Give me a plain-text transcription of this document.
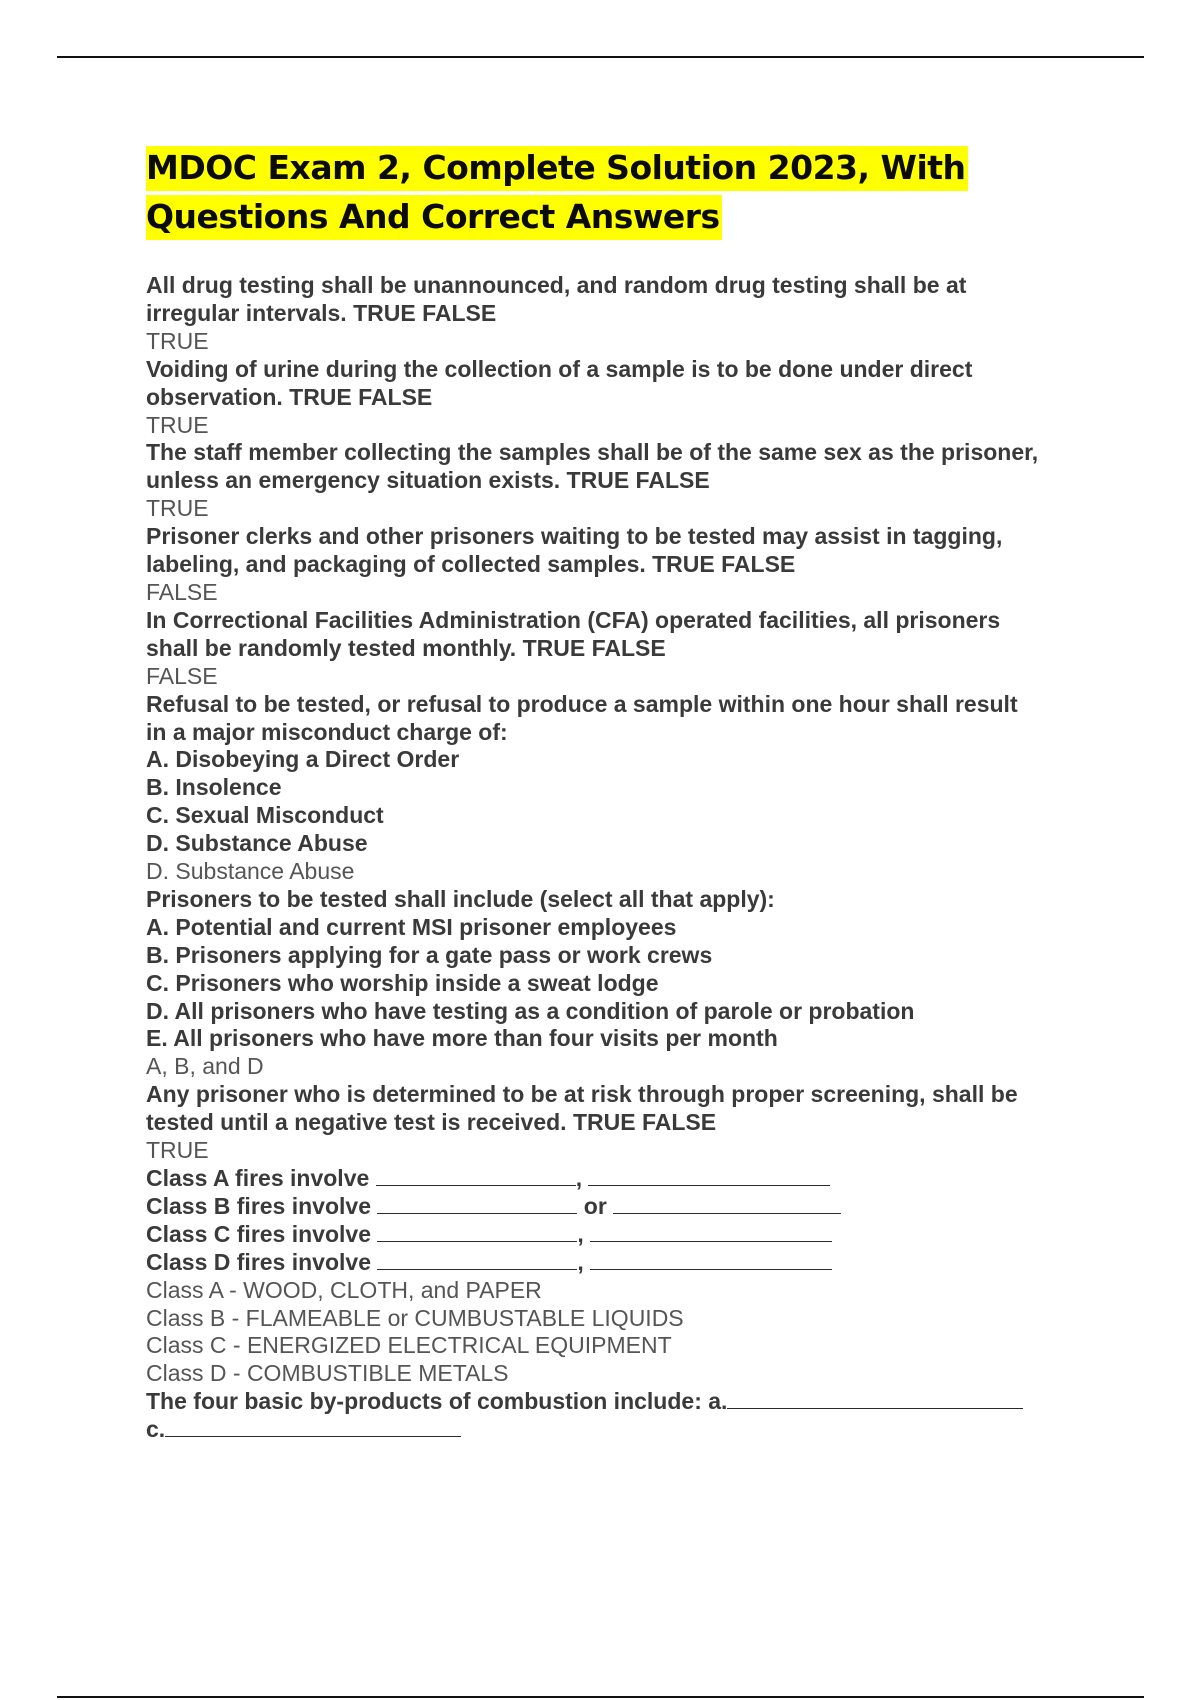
MDOC Exam 2, Complete Solution 2023, With
Questions And Correct Answers
All drug testing shall be unannounced, and random drug testing shall be at
irregular intervals. TRUE FALSE
TRUE
Voiding of urine during the collection of a sample is to be done under direct
observation. TRUE FALSE
TRUE
The staff member collecting the samples shall be of the same sex as the prisoner,
unless an emergency situation exists. TRUE FALSE
TRUE
Prisoner clerks and other prisoners waiting to be tested may assist in tagging,
labeling, and packaging of collected samples. TRUE FALSE
FALSE
In Correctional Facilities Administration (CFA) operated facilities, all prisoners
shall be randomly tested monthly. TRUE FALSE
FALSE
Refusal to be tested, or refusal to produce a sample within one hour shall result
in a major misconduct charge of:
A. Disobeying a Direct Order
B. Insolence
C. Sexual Misconduct
D. Substance Abuse
D. Substance Abuse
Prisoners to be tested shall include (select all that apply):
A. Potential and current MSI prisoner employees
B. Prisoners applying for a gate pass or work crews
C. Prisoners who worship inside a sweat lodge
D. All prisoners who have testing as a condition of parole or probation
E. All prisoners who have more than four visits per month
A, B, and D
Any prisoner who is determined to be at risk through proper screening, shall be
tested until a negative test is received. TRUE FALSE
TRUE
Class A fires involve	,
Class B fires involve	or
Class C fires involve	,
Class D fires involve	,
Class A - WOOD, CLOTH, and PAPER
Class B - FLAMEABLE or CUMBUSTABLE LIQUIDS
Class C - ENERGIZED ELECTRICAL EQUIPMENT
Class D - COMBUSTIBLE METALS
The four basic by-products of combustion include: a.
c.
